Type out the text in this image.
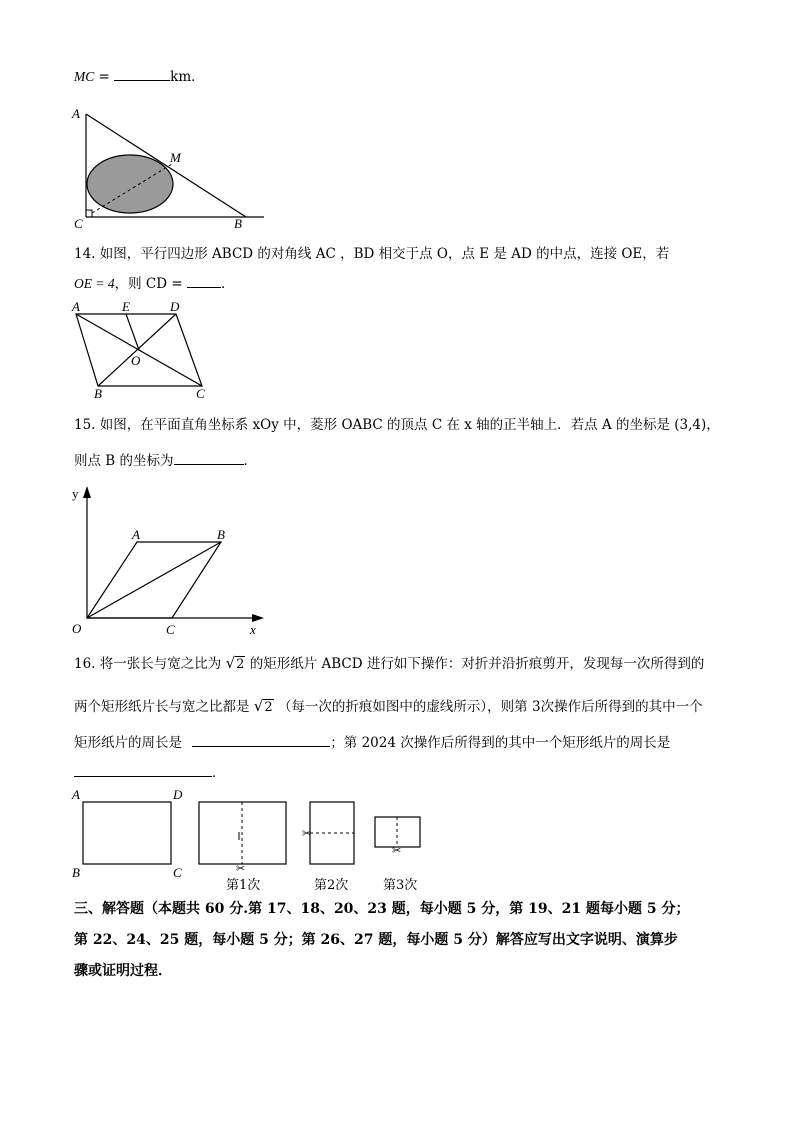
MC =	km．
A
M
C	B
14. 如图，平行四边形 ABCD 的对角线 AC ，BD 相交于点 O，点 E 是 AD 的中点，连接 OE，若
OE = 4，则 CD =	．
A	E	D
O
B	C
15. 如图，在平面直角坐标系 xOy 中，菱形 OABC 的顶点 C 在 x 轴的正半轴上．若点 A 的坐标是 (3,4)，
则点 B 的坐标为	．
y
A	B
O	C	x
16. 将一张长与宽之比为 √2 的矩形纸片 ABCD 进行如下操作：对折并沿折痕剪开，发现每一次所得到的
两个矩形纸片长与宽之比都是 √2 （每一次的折痕如图中的虚线所示），则第 3次操作后所得到的其中一个
矩形纸片的周长是	；第 2024 次操作后所得到的其中一个矩形纸片的周长是
．
A	D
B	C	✂
✂
✂
第1次	第2次	第3次
三、解答题（本题共 60 分.第 17、18、20、23 题，每小题 5 分，第 19、21 题每小题 5 分；
第 22、24、25 题，每小题 5 分；第 26、27 题，每小题 5 分）解答应写出文字说明、演算步
骤或证明过程．
